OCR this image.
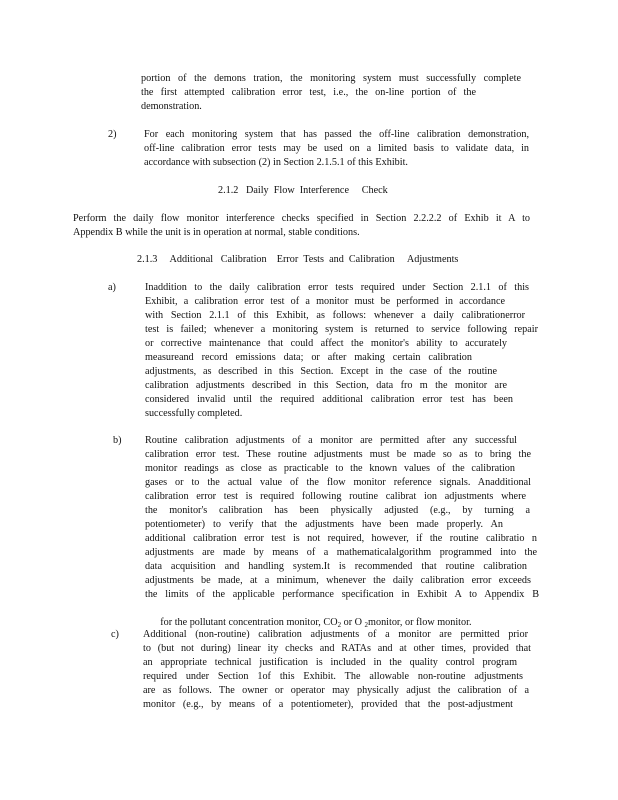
portion of the demons tration, the monitoring system must successfully complete
the first attempted calibration error test, i.e., the on-line portion of the
demonstration.
2)	For each monitoring system that has passed the off-line calibration demonstration,
off-line calibration error tests may be used on a limited basis to validate data, in
accordance with subsection (2) in Section 2.1.5.1 of this Exhibit.
2.1.2   Daily  Flow  Interference     Check
Perform the daily flow monitor interference checks specified in Section 2.2.2.2 of Exhib it A to
Appendix B while the unit is in operation at normal, stable conditions.
2.1.3     Additional   Calibration    Error  Tests  and  Calibration     Adjustments
a)	Inaddition to the daily calibration error tests required under Section 2.1.1 of this
Exhibit, a calibration error test of a monitor must be performed in accordance
with Section 2.1.1 of this Exhibit, as follows: whenever a daily calibrationerror
test is failed; whenever a monitoring system is returned to service following repair
or corrective maintenance that could affect the monitor's ability to accurately
measureand record emissions data; or after making certain calibration
adjustments, as described in this Section. Except in the case of the routine
calibration adjustments described in this Section, data fro m the monitor are
considered invalid until the required additional calibration error test has been
successfully completed.
b) Routine calibration adjustments of a monitor are permitted after any successful
calibration error test. These routine adjustments must be made so as to bring the
monitor readings as close as practicable to the known values of the calibration
gases or to the actual value of the flow monitor reference signals. Anadditional
calibration error test is required following routine calibrat ion adjustments where
the monitor's calibration has been physically adjusted (e.g., by turning a
potentiometer) to verify that the adjustments have been made properly. An
additional calibration error test is not required, however, if the routine calibratio n
adjustments are made by means of a mathematicalalgorithm programmed into the
data acquisition and handling system.It is recommended that routine calibration
adjustments be made, at a minimum, whenever the daily calibration error exceeds
the limits of the applicable performance specification in Exhibit A to Appendix B

for the pollutant concentration monitor, $CO_2$ or O $_2$monitor, or flow monitor.

c) Additional (non-routine) calibration adjustments of a monitor are permitted prior
to (but not during) linear ity checks and RATAs and at other times, provided that
an appropriate technical justification is included in the quality control program
required under Section 1of this Exhibit. The allowable non-routine adjustments
are as follows. The owner or operator may physically adjust the calibration of a
monitor (e.g., by means of a potentiometer), provided that the post-adjustment
